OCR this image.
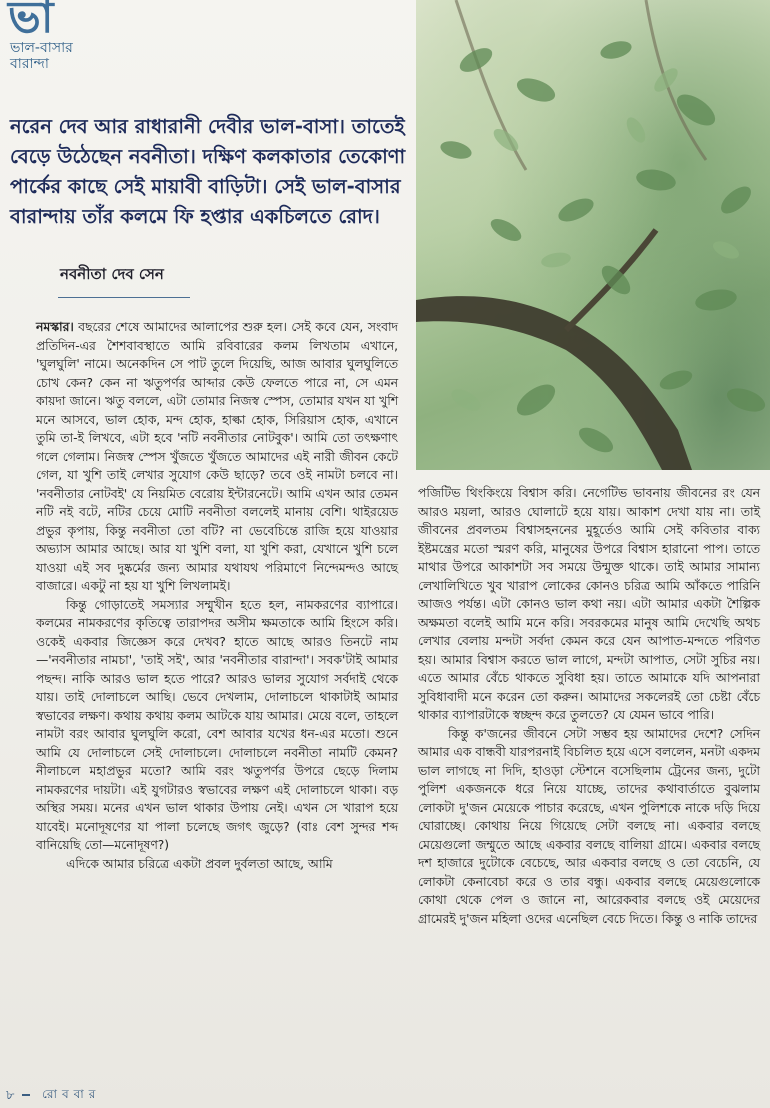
ভা
ভাল-বাসার
বারান্দা
নরেন দেব আর রাধারানী দেবীর ভাল-বাসা। তাতেই বেড়ে উঠেছেন নবনীতা। দক্ষিণ কলকাতার তেকোণা পার্কের কাছে সেই মায়াবী বাড়িটা। সেই ভাল-বাসার বারান্দায় তাঁর কলমে ফি হপ্তার একচিলতে রোদ।
নবনীতা দেব সেন

নমস্কার। বছরের শেষে আমাদের আলাপের শুরু হল। সেই কবে যেন, সংবাদ প্রতিদিন-এর শৈশবাবস্থাতে আমি রবিবারের কলম লিখতাম এখানে, 'ঘুলঘুলি' নামে। অনেকদিন সে পাট তুলে দিয়েছি, আজ আবার ঘুলঘুলিতে চোখ কেন? কেন না ঋতুপর্ণর আব্দার কেউ ফেলতে পারে না, সে এমন কায়দা জানে। ঋতু বললে, এটা তোমার নিজস্ব স্পেস, তোমার যখন যা খুশি মনে আসবে, ভাল হোক, মন্দ হোক, হাল্কা হোক, সিরিয়াস হোক, এখানে তুমি তা-ই লিখবে, এটা হবে 'নটি নবনীতার নোটবুক'। আমি তো তৎক্ষণাৎ গলে গেলাম। নিজস্ব স্পেস খুঁজতে খুঁজতে আমাদের এই নারী জীবন কেটে গেল, যা খুশি তাই লেখার সুযোগ কেউ ছাড়ে? তবে ওই নামটা চলবে না। 'নবনীতার নোটবই' যে নিয়মিত বেরোয় ইন্টারনেটে। আমি এখন আর তেমন নটি নই বটে, নটির চেয়ে মোটি নবনীতা বললেই মানায় বেশি। থাইরয়েড প্রভুর কৃপায়, কিন্তু নবনীতা তো বটি? না ভেবেচিন্তে রাজি হয়ে যাওয়ার অভ্যাস আমার আছে। আর যা খুশি বলা, যা খুশি করা, যেখানে খুশি চলে যাওয়া এই সব দুষ্কর্মের জন্য আমার যথাযথ পরিমাণে নিন্দেমন্দও আছে বাজারে। একটু না হয় যা খুশি লিখলামই।

কিন্তু গোড়াতেই সমস্যার সম্মুখীন হতে হল, নামকরণের ব্যাপারে। কলমের নামকরণের কৃতিত্বে তারাপদর অসীম ক্ষমতাকে আমি হিংসে করি। ওকেই একবার জিজ্ঞেস করে দেখব? হাতে আছে আরও তিনটে নাম—'নবনীতার নামচা', 'তাই সই', আর 'নবনীতার বারান্দা'। সবক'টাই আমার পছন্দ। নাকি আরও ভাল হতে পারে? আরও ভালর সুযোগ সর্বদাই থেকে যায়। তাই দোলাচলে আছি। ভেবে দেখলাম, দোলাচলে থাকাটাই আমার স্বভাবের লক্ষণ। কথায় কথায় কলম আটকে যায় আমার। মেয়ে বলে, তাহলে নামটা বরং আবার ঘুলঘুলি করো, বেশ আবার যখের ধন-এর মতো। শুনে আমি যে দোলাচলে সেই দোলাচলে। দোলাচলে নবনীতা নামটি কেমন? নীলাচলে মহাপ্রভুর মতো? আমি বরং ঋতুপর্ণর উপরে ছেড়ে দিলাম নামকরণের দায়টা। এই যুগটারও স্বভাবের লক্ষণ এই দোলাচলে থাকা। বড় অস্থির সময়। মনের এখন ভাল থাকার উপায় নেই। এখন সে খারাপ হয়ে যাবেই। মনোদূষণের যা পালা চলেছে জগৎ জুড়ে? (বাঃ বেশ সুন্দর শব্দ বানিয়েছি তো—মনোদূষণ?)

এদিকে আমার চরিত্রে একটা প্রবল দুর্বলতা আছে, আমি

পজিটিভ থিংকিংয়ে বিশ্বাস করি। নেগেটিভ ভাবনায় জীবনের রং যেন আরও ময়লা, আরও ঘোলাটে হয়ে যায়। আকাশ দেখা যায় না। তাই জীবনের প্রবলতম বিশ্বাসহননের মুহূর্তেও আমি সেই কবিতার বাক্য ইষ্টমন্ত্রের মতো স্মরণ করি, মানুষের উপরে বিশ্বাস হারানো পাপ। তাতে মাথার উপরে আকাশটা সব সময়ে উন্মুক্ত থাকে। তাই আমার সামান্য লেখালিখিতে খুব খারাপ লোকের কোনও চরিত্র আমি আঁকতে পারিনি আজও পর্যন্ত। এটা কোনও ভাল কথা নয়। এটা আমার একটা শৈল্পিক অক্ষমতা বলেই আমি মনে করি। সবরকমের মানুষ আমি দেখেছি অথচ লেখার বেলায় মন্দটা সর্বদা কেমন করে যেন আপাত-মন্দতে পরিণত হয়। আমার বিশ্বাস করতে ভাল লাগে, মন্দটা আপাত, সেটা সুচির নয়। এতে আমার বেঁচে থাকতে সুবিধা হয়। তাতে আমাকে যদি আপনারা সুবিধাবাদী মনে করেন তো করুন। আমাদের সকলেরই তো চেষ্টা বেঁচে থাকার ব্যাপারটাকে স্বচ্ছন্দ করে তুলতে? যে যেমন ভাবে পারি।

কিন্তু ক'জনের জীবনে সেটা সম্ভব হয় আমাদের দেশে? সেদিন আমার এক বান্ধবী যারপরনাই বিচলিত হয়ে এসে বললেন, মনটা একদম ভাল লাগছে না দিদি, হাওড়া স্টেশনে বসেছিলাম ট্রেনের জন্য, দুটো পুলিশ একজনকে ধরে নিয়ে যাচ্ছে, তাদের কথাবার্তাতে বুঝলাম লোকটা দু'জন মেয়েকে পাচার করেছে, এখন পুলিশকে নাকে দড়ি দিয়ে ঘোরাচ্ছে। কোথায় নিয়ে গিয়েছে সেটা বলছে না। একবার বলছে মেয়েগুলো জম্মুতে আছে একবার বলছে বালিয়া গ্রামে। একবার বলছে দশ হাজারে দুটোকে বেচেছে, আর একবার বলছে ও তো বেচেনি, যে লোকটা কেনাবেচা করে ও তার বন্ধু। একবার বলছে মেয়েগুলোকে কোথা থেকে পেল ও জানে না, আরেকবার বলছে ওই মেয়েদের গ্রামেরই দু'জন মহিলা ওদের এনেছিল বেচে দিতে। কিন্তু ও নাকি তাদের

৮ রোববার
